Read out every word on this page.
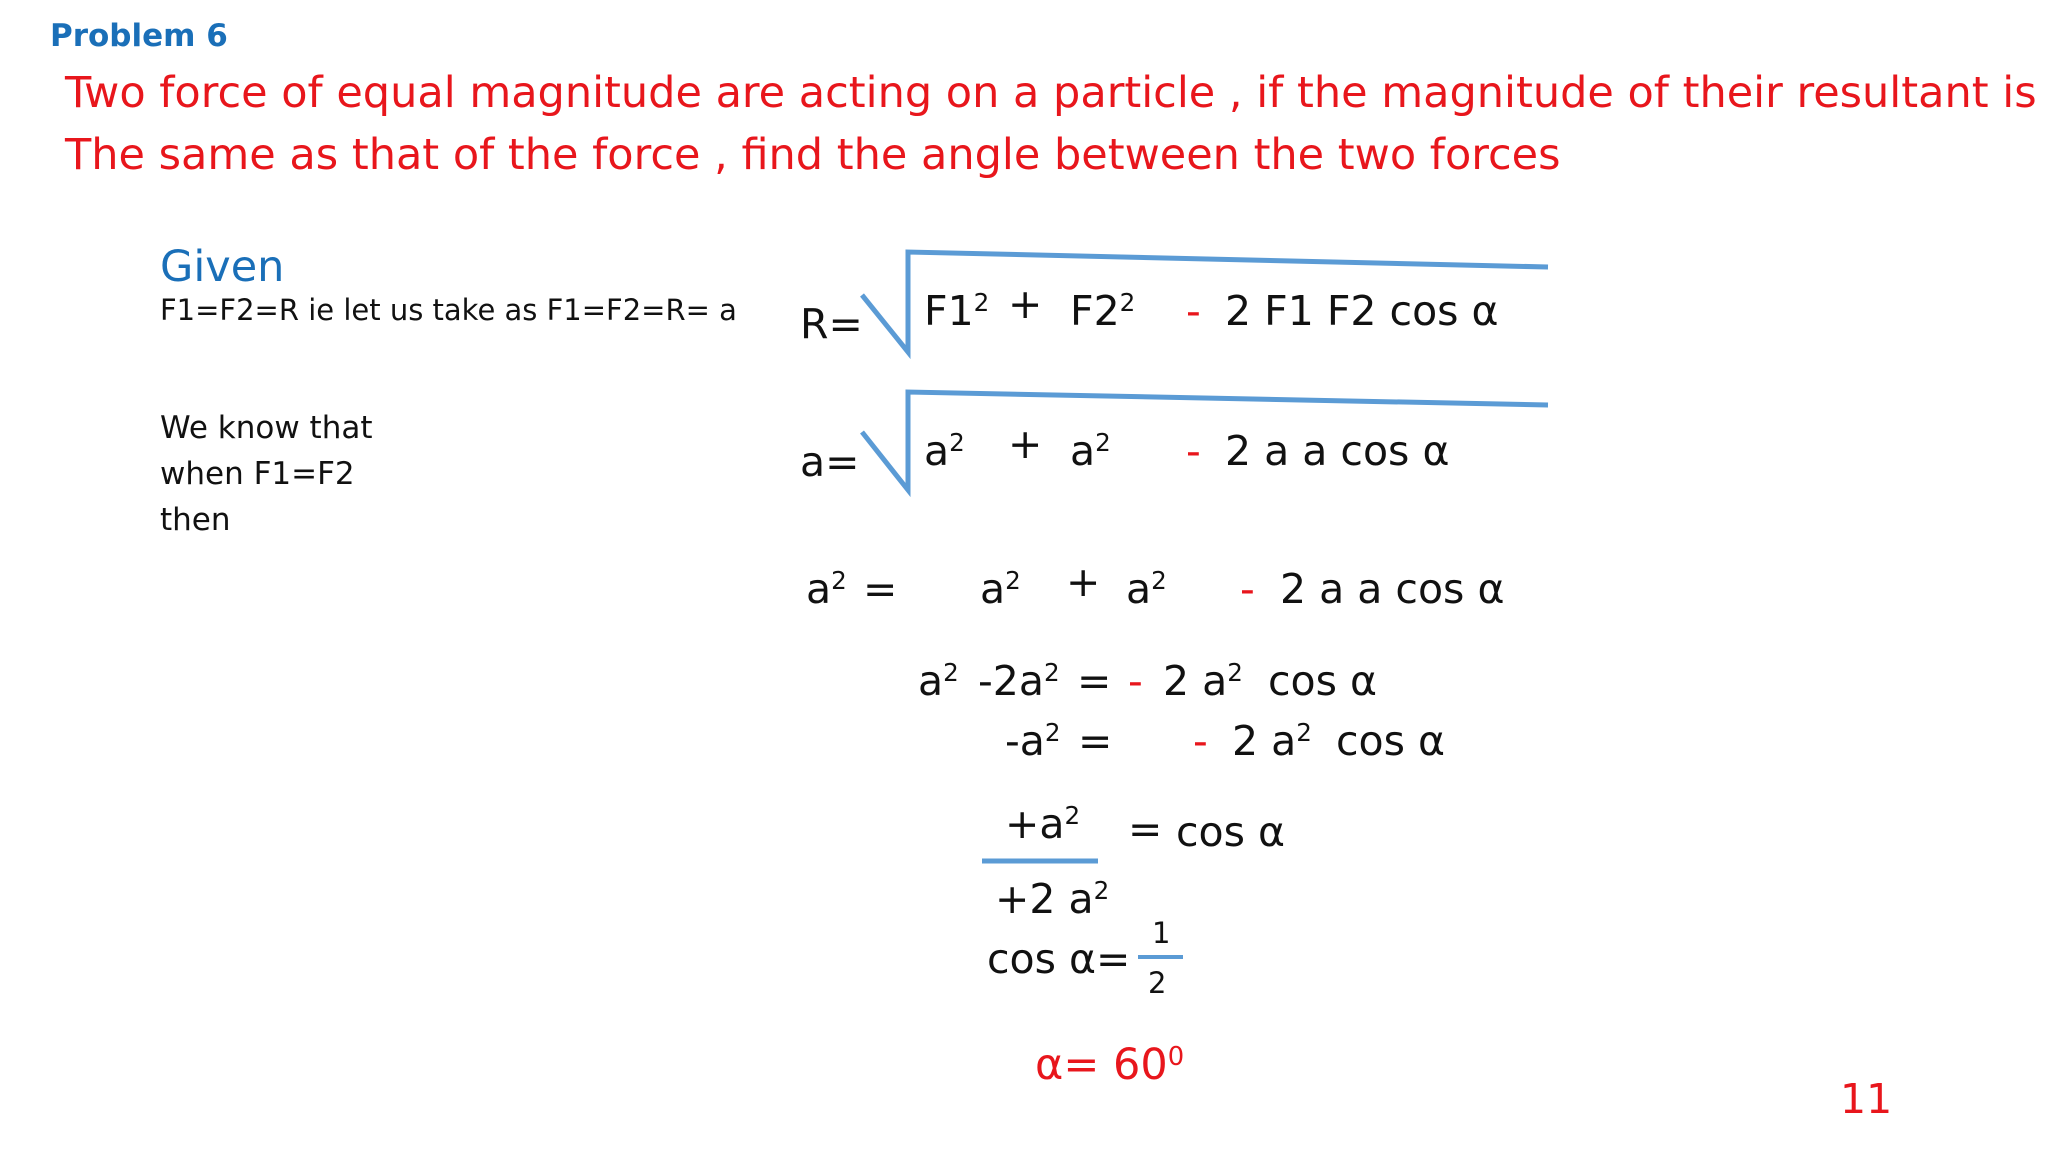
Problem 6
Two force of equal magnitude are acting on a particle , if the magnitude of their resultant is
The same as that of the force , find the angle between the two forces
Given
F1=F2=R ie let us take as F1=F2=R= a
We know that
when F1=F2
then
$R= F1^2 + F2^2 - 2$ F1 F2 cos α
$a= a^2 + a^2 - 2$ a a cos α
$a^2 = a^2 + a^2 - 2$ a a cos α
$a^2$ $-2a^2$ = - 2 $a^2$ cos α
$-a^2$ = - 2 $a^2$ cos α
$+a^2 = \cos \alpha$
+2 $a^2$
cos α=
1
2
$\alpha= 60^0$
11
